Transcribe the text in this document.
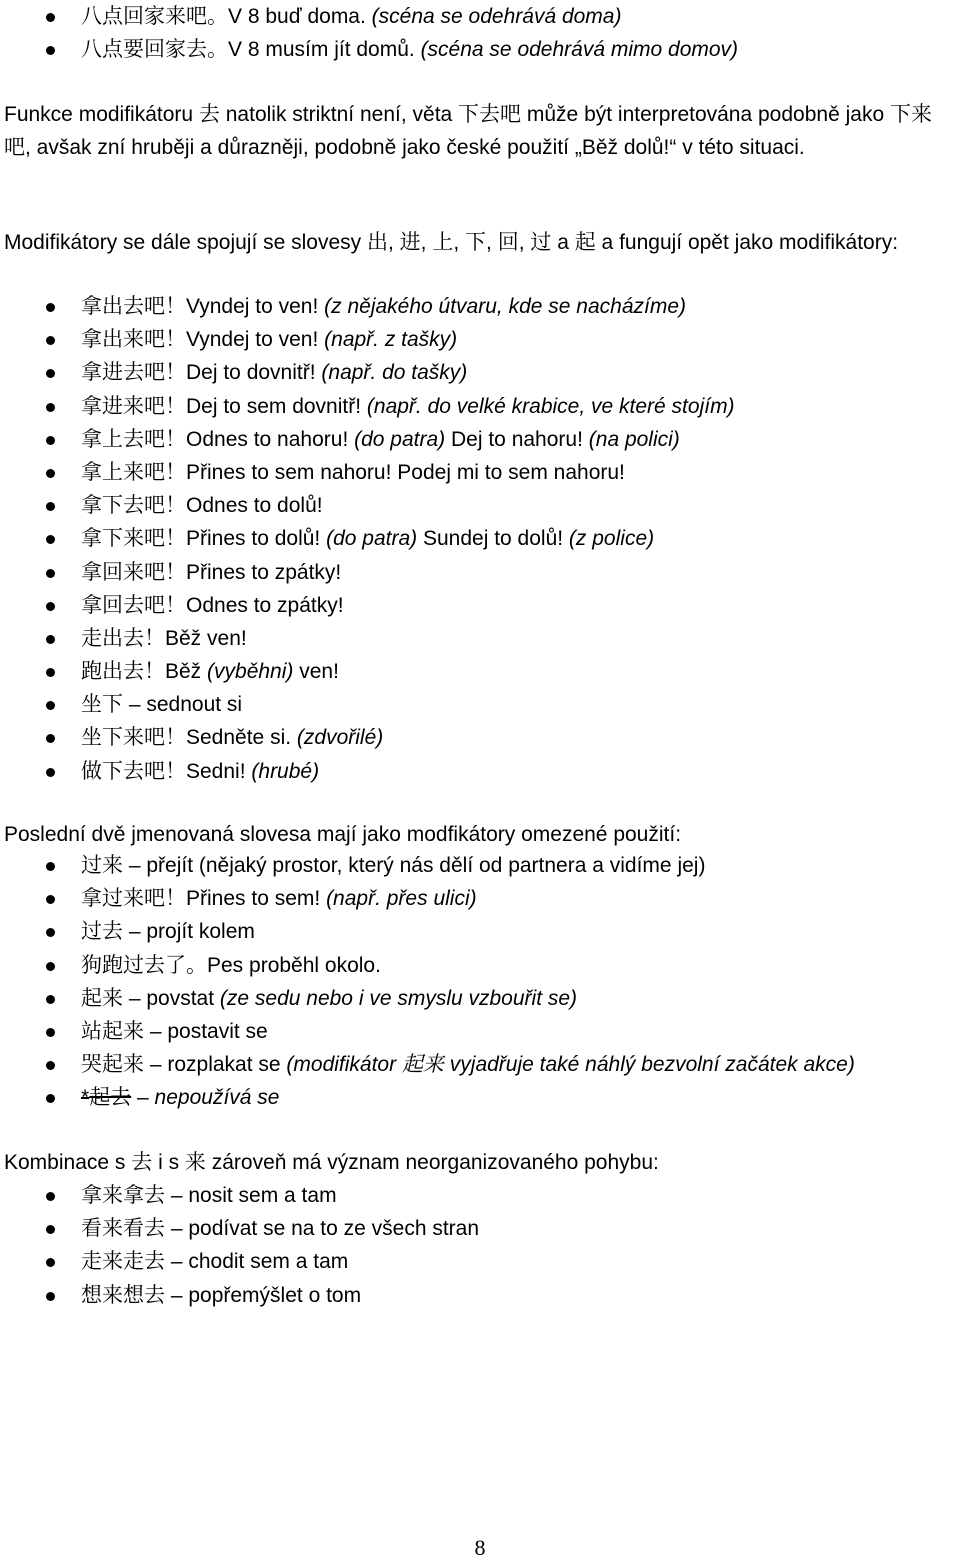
八点回家来吧。V 8 buď doma. (scéna se odehrává doma)
八点要回家去。V 8 musím jít domů. (scéna se odehrává mimo domov)

Funkce modifikátoru 去 natolik striktní není, věta 下去吧 může být interpretována podobně jako 下来吧, avšak zní hruběji a důrazněji, podobně jako české použití „Běž dolů!“ v této situaci.

Modifikátory se dále spojují se slovesy 出, 进, 上, 下, 回, 过 a 起 a fungují opět jako modifikátory:

拿出去吧！Vyndej to ven! (z nějakého útvaru, kde se nacházíme)
拿出来吧！Vyndej to ven! (např. z tašky)
拿进去吧！Dej to dovnitř! (např. do tašky)
拿进来吧！Dej to sem dovnitř! (např. do velké krabice, ve které stojím)
拿上去吧！Odnes to nahoru! (do patra) Dej to nahoru! (na polici)
拿上来吧！Přines to sem nahoru! Podej mi to sem nahoru!
拿下去吧！Odnes to dolů!
拿下来吧！Přines to dolů! (do patra) Sundej to dolů! (z police)
拿回来吧！Přines to zpátky!
拿回去吧！Odnes to zpátky!
走出去！Běž ven!
跑出去！Běž (vyběhni) ven!
坐下 – sednout si
坐下来吧！Sedněte si. (zdvořilé)
做下去吧！Sedni! (hrubé)

Poslední dvě jmenovaná slovesa mají jako modfikátory omezené použití:

过来 – přejít (nějaký prostor, který nás dělí od partnera a vidíme jej)
拿过来吧！Přines to sem! (např. přes ulici)
过去 – projít kolem
狗跑过去了。Pes proběhl okolo.
起来 – povstat (ze sedu nebo i ve smyslu vzbouřit se)
站起来 – postavit se
哭起来 – rozplakat se (modifikátor 起来 vyjadřuje také náhlý bezvolní začátek akce)
*起去 – nepoužívá se

Kombinace s 去 i s 来 zároveň má význam neorganizovaného pohybu:

拿来拿去 – nosit sem a tam
看来看去 – podívat se na to ze všech stran
走来走去 – chodit sem a tam
想来想去 – popřemýšlet o tom
8
